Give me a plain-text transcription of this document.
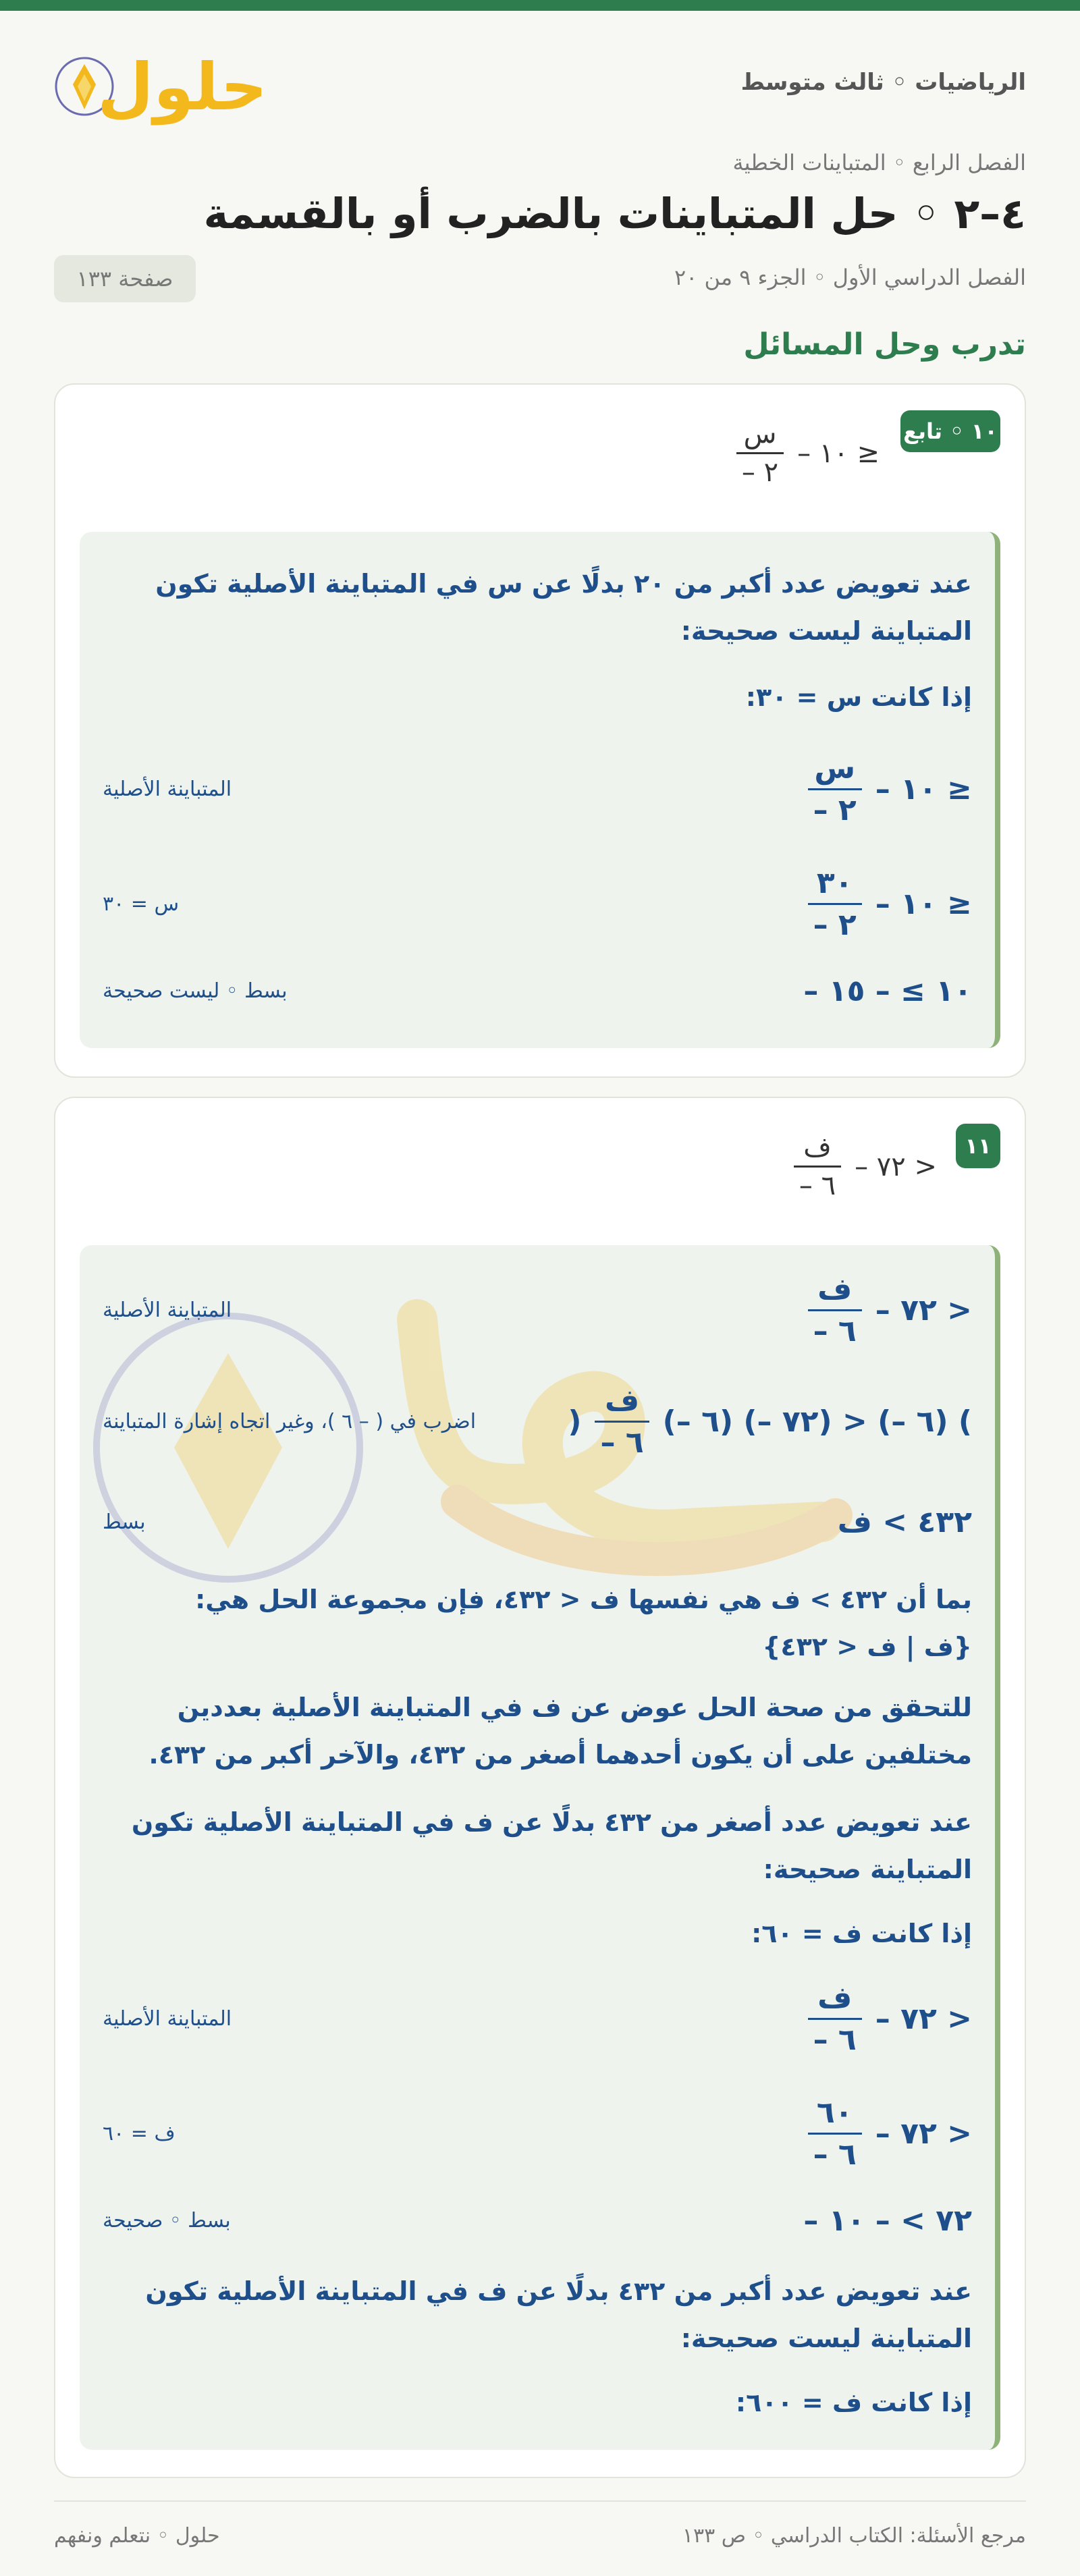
حلول	الرياضيات ◦ ثالث متوسط
الفصل الرابع ◦ المتباينات الخطية
٤–٢ ◦ حل المتباينات بالضرب أو بالقسمة
الفصل الدراسي الأول ◦ الجزء ٩ من ٢٠
صفحة ١٣٣
تدرب وحل المسائل
١٠ ◦ تابع
$\frac{\text{س}}{- ٢}$ – ١٠ ≥
عند تعويض عدد أكبر من ٢٠ بدلًا عن س في المتباينة الأصلية تكون المتباينة ليست صحيحة:
إذا كانت س = ٣٠:
$\frac{\text{س}}{- ٢}$ – ١٠ ≥
المتباينة الأصلية
$\frac{٣٠}{- ٢}$ – ١٠ ≥
س = ٣٠
– ١٠ ≥ – ١٥
بسط ◦ ليست صحيحة
١١
$\frac{\text{ف}}{- ٦}$ – ٧٢ >
$\frac{\text{ف}}{- ٦}$ – ٧٢ >
المتباينة الأصلية
) $\frac{\text{ف}}{- ٦}$ (– ٦) (– ٧٢) > (– ٦) (
اضرب في ( – ٦ )، وغير اتجاه إشارة المتباينة
٤٣٢ > ف
بسط
بما أن ٤٣٢ > ف هي نفسها ف < ٤٣٢، فإن مجموعة الحل هي:
{ف | ف < ٤٣٢}
للتحقق من صحة الحل عوض عن ف في المتباينة الأصلية بعددين مختلفين على أن يكون أحدهما أصغر من ٤٣٢، والآخر أكبر من ٤٣٢.
عند تعويض عدد أصغر من ٤٣٢ بدلًا عن ف في المتباينة الأصلية تكون المتباينة صحيحة:
إذا كانت ف = ٦٠:
$\frac{\text{ف}}{- ٦}$ – ٧٢ >
المتباينة الأصلية
$\frac{٦٠}{- ٦}$ – ٧٢ >
ف = ٦٠
– ٧٢ > – ١٠
بسط ◦ صحيحة
عند تعويض عدد أكبر من ٤٣٢ بدلًا عن ف في المتباينة الأصلية تكون المتباينة ليست صحيحة:
إذا كانت ف = ٦٠٠:
حلول ◦ نتعلم ونفهم	مرجع الأسئلة: الكتاب الدراسي ◦ ص ١٣٣
